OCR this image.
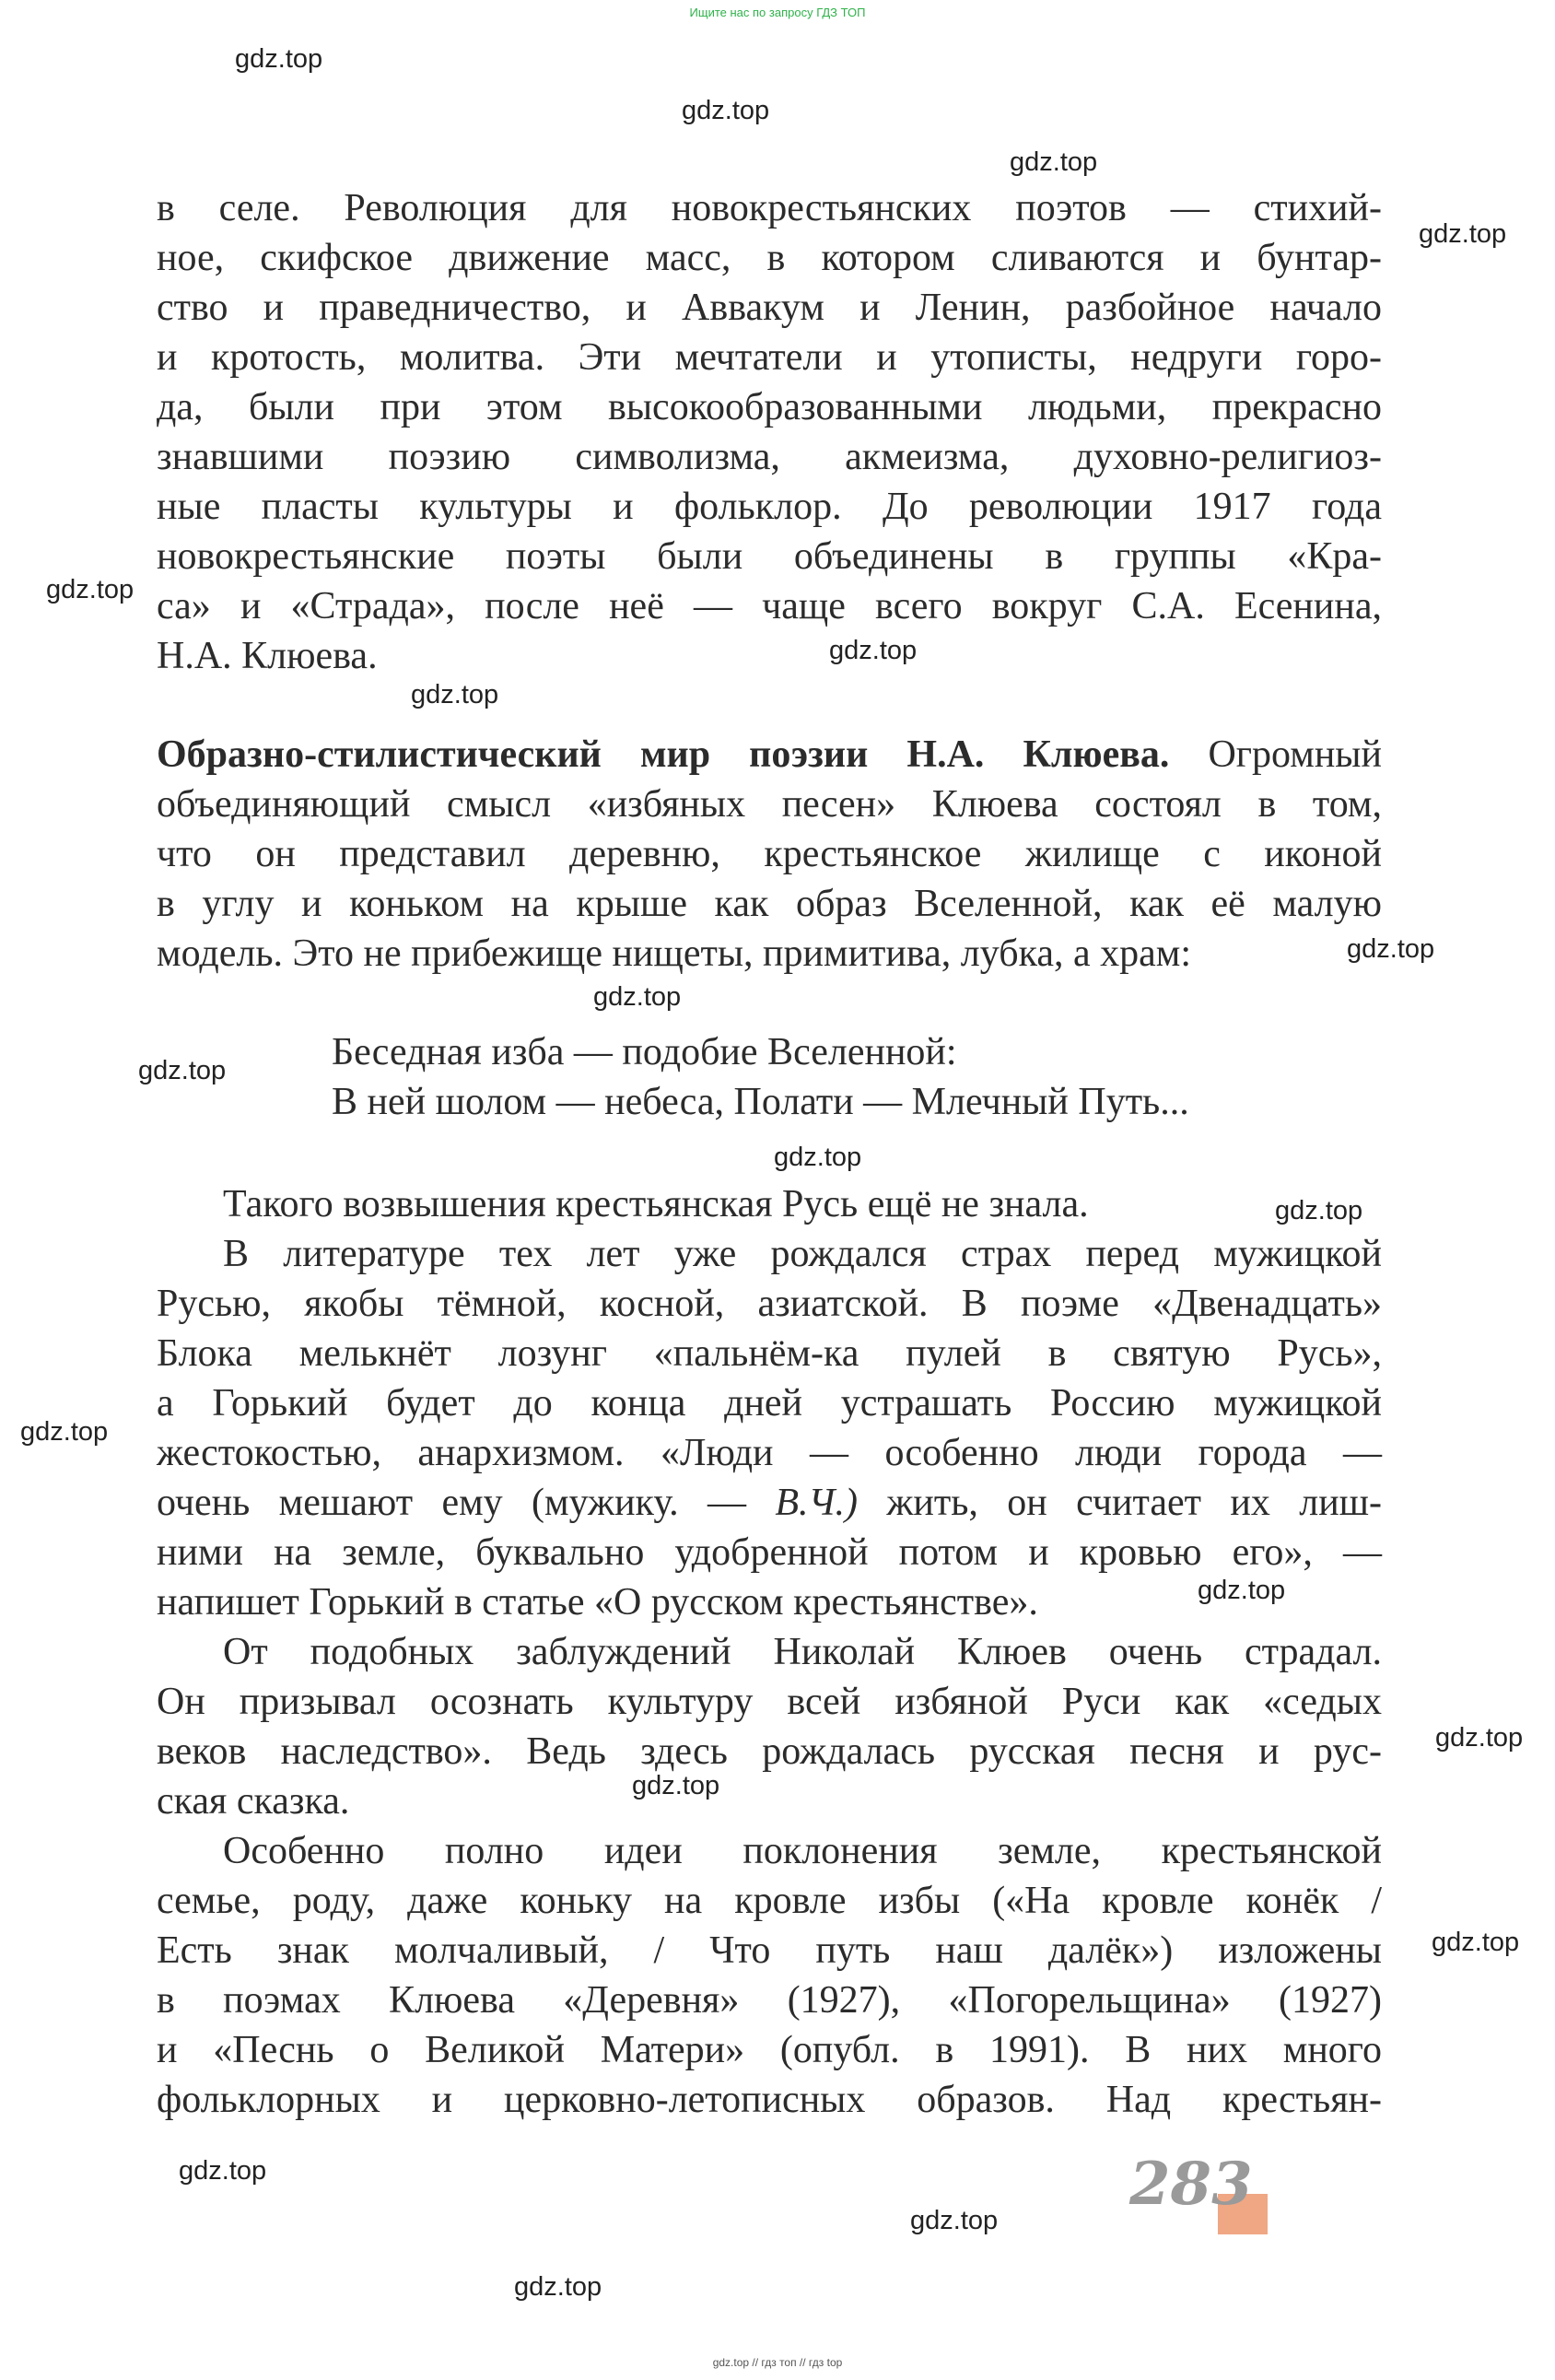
Ищите нас по запросу ГДЗ ТОП
gdz.top
gdz.top
gdz.top
gdz.top
gdz.top
gdz.top
gdz.top
gdz.top
gdz.top
gdz.top
gdz.top
gdz.top
gdz.top
gdz.top
gdz.top
gdz.top
gdz.top
gdz.top
gdz.top
gdz.top
в селе. Революция для новокрестьянских поэтов — стихий-
ное, скифское движение масс, в котором сливаются и бунтар-
ство и праведничество, и Аввакум и Ленин, разбойное начало
и кротость, молитва. Эти мечтатели и утописты, недруги горо-
да, были при этом высокообразованными людьми, прекрасно
знавшими поэзию символизма, акмеизма, духовно-религиоз-
ные пласты культуры и фольклор. До революции 1917 года
новокрестьянские поэты были объединены в группы «Кра-
са» и «Страда», после неё — чаще всего вокруг С.А. Есенина,
Н.А. Клюева.
Образно-стилистический мир поэзии Н.А. Клюева. Огромный
объединяющий смысл «избяных песен» Клюева состоял в том,
что он представил деревню, крестьянское жилище с иконой
в углу и коньком на крыше как образ Вселенной, как её малую
модель. Это не прибежище нищеты, примитива, лубка, а храм:
Беседная изба — подобие Вселенной:
В ней шолом — небеса, Полати — Млечный Путь...
Такого возвышения крестьянская Русь ещё не знала.
В литературе тех лет уже рождался страх перед мужицкой
Русью, якобы тёмной, косной, азиатской. В поэме «Двенадцать»
Блока мелькнёт лозунг «пальнём-ка пулей в святую Русь»,
а Горький будет до конца дней устрашать Россию мужицкой
жестокостью, анархизмом. «Люди — особенно люди города —
очень мешают ему (мужику. — В.Ч.) жить, он считает их лиш-
ними на земле, буквально удобренной потом и кровью его», —
напишет Горький в статье «О русском крестьянстве».
От подобных заблуждений Николай Клюев очень страдал.
Он призывал осознать культуру всей избяной Руси как «седых
веков наследство». Ведь здесь рождалась русская песня и рус-
ская сказка.
Особенно полно идеи поклонения земле, крестьянской
семье, роду, даже коньку на кровле избы («На кровле конёк /
Есть знак молчаливый, / Что путь наш далёк») изложены
в поэмах Клюева «Деревня» (1927), «Погорельщина» (1927)
и «Песнь о Великой Матери» (опубл. в 1991). В них много
фольклорных и церковно-летописных образов. Над крестьян-
283
gdz.top // гдз топ // гдз top
